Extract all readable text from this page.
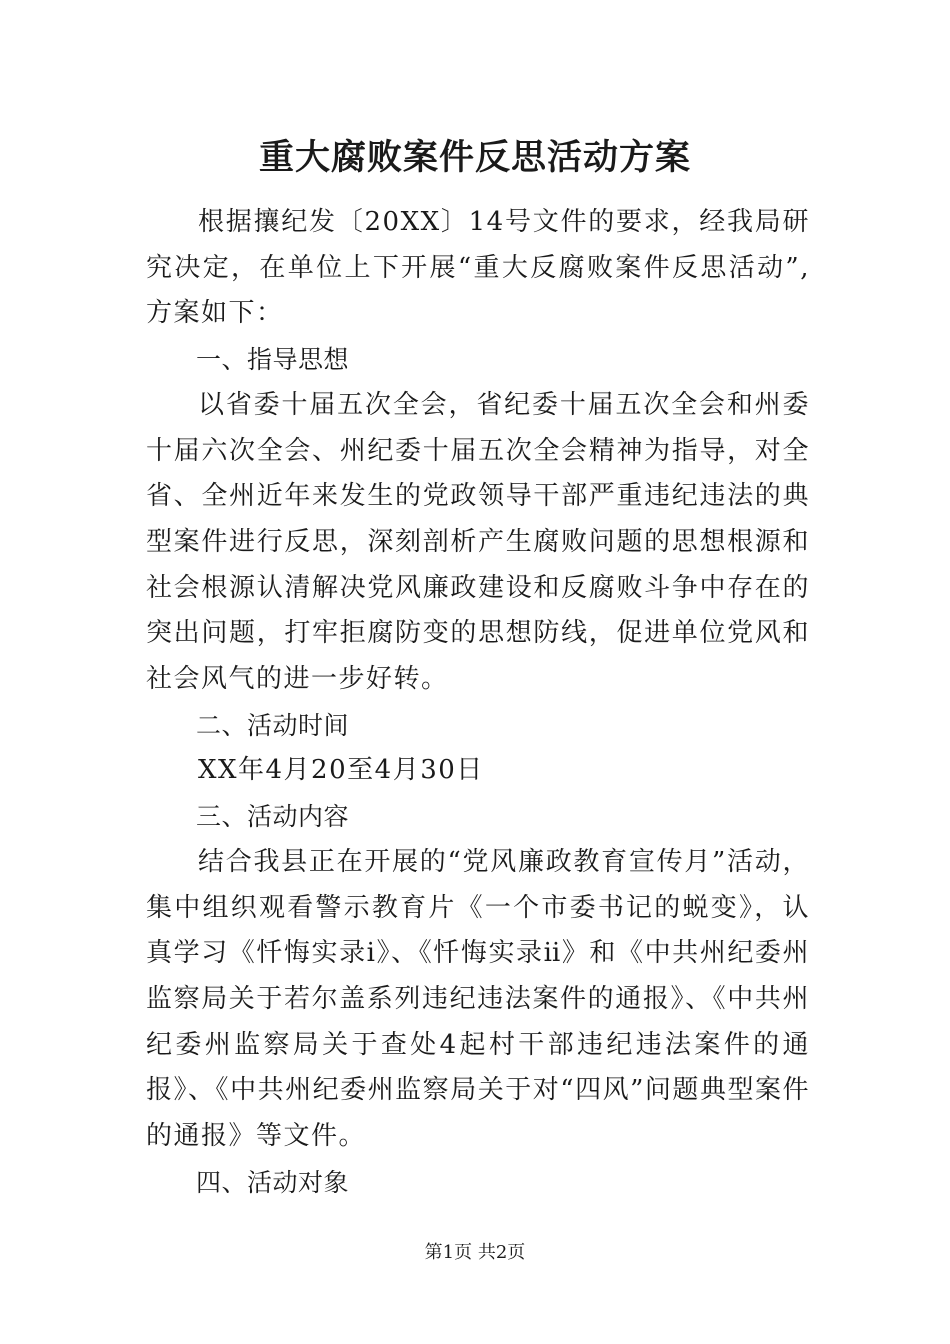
重大腐败案件反思活动方案

根据攘纪发〔20XX〕14号文件的要求，经我局研究决定，在单位上下开展“重大反腐败案件反思活动”,方案如下：

一、指导思想

以省委十届五次全会，省纪委十届五次全会和州委十届六次全会、州纪委十届五次全会精神为指导，对全省、全州近年来发生的党政领导干部严重违纪违法的典型案件进行反思，深刻剖析产生腐败问题的思想根源和社会根源认清解决党风廉政建设和反腐败斗争中存在的突出问题，打牢拒腐防变的思想防线，促进单位党风和社会风气的进一步好转。

二、活动时间

XX年4月20至4月30日

三、活动内容

结合我县正在开展的“党风廉政教育宣传月”活动，集中组织观看警示教育片《一个市委书记的蜕变》，认真学习《忏悔实录ⅰ》、《忏悔实录ⅱ》和《中共州纪委州监察局关于若尔盖系列违纪违法案件的通报》、《中共州纪委州监察局关于查处4起村干部违纪违法案件的通报》、《中共州纪委州监察局关于对“四风”问题典型案件的通报》等文件。

四、活动对象
第1页 共2页
